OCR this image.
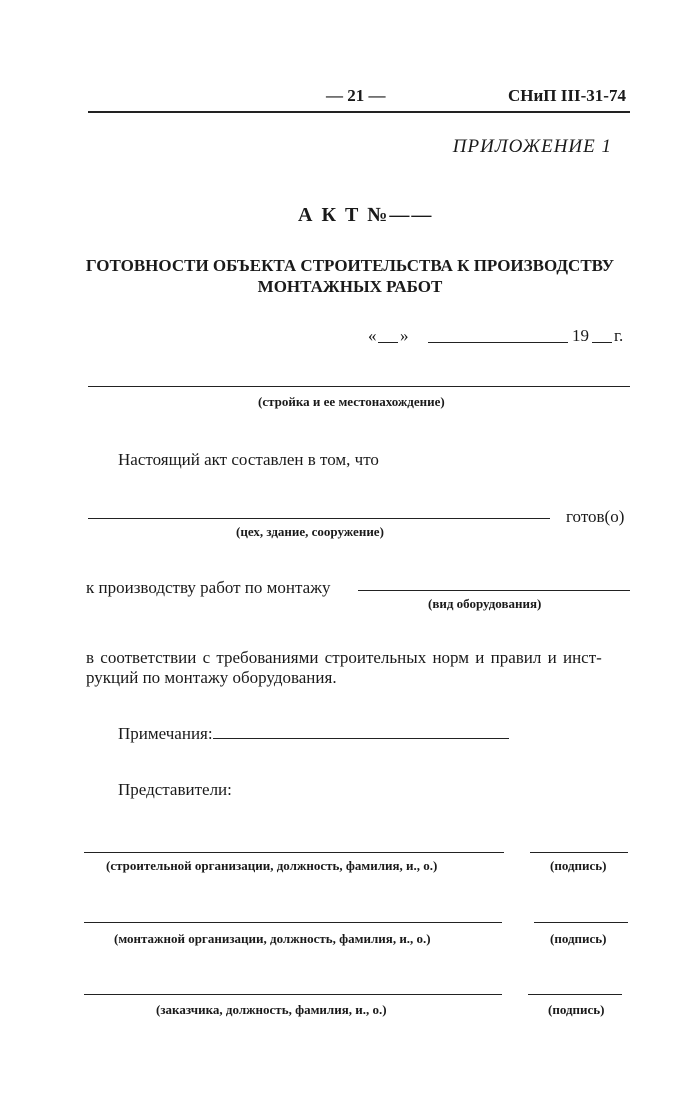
— 21 —	СНиП III-31-74
ПРИЛОЖЕНИЕ 1
А К Т №——
ГОТОВНОСТИ ОБЪЕКТА СТРОИТЕЛЬСТВА К ПРОИЗВОДСТВУ
МОНТАЖНЫХ РАБОТ
« »	19 г.
(стройка и ее местонахождение)
Настоящий акт составлен в том, что
готов(о)
(цех, здание, сооружение)
к производству работ по монтажу
(вид оборудования)
в соответствии с требованиями строительных норм и правил и инст-
рукций по монтажу оборудования.
Примечания:
Представители:
(строительной организации, должность, фамилия, и., о.)	(подпись)
(монтажной организации, должность, фамилия, и., о.)	(подпись)
(заказчика, должность, фамилия, и., о.)	(подпись)
